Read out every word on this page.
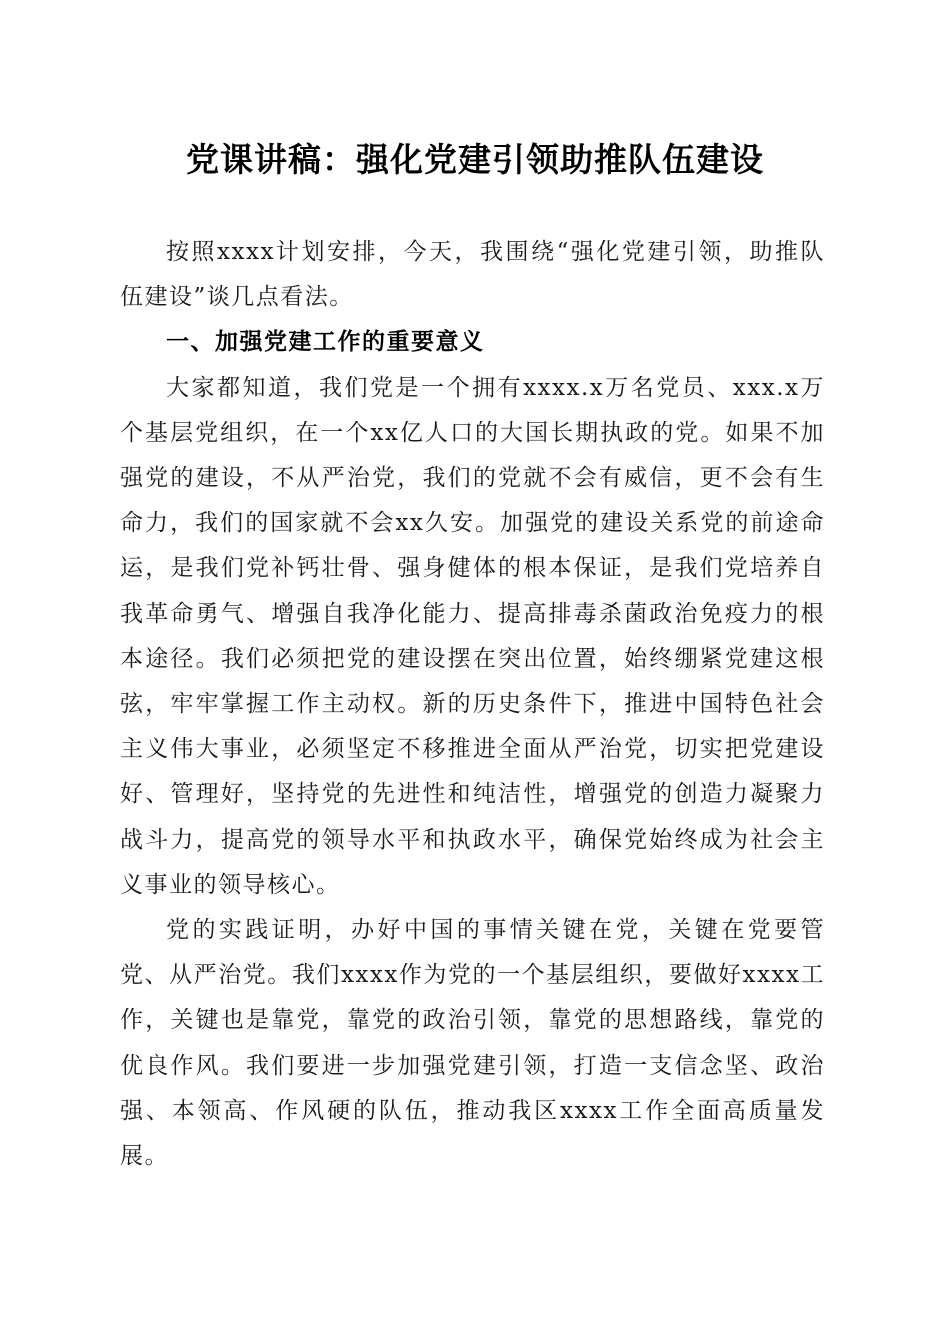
党课讲稿：强化党建引领助推队伍建设

按照xxxx计划安排，今天，我围绕“强化党建引领，助推队伍建设”谈几点看法。

一、加强党建工作的重要意义

大家都知道，我们党是一个拥有xxxx.x万名党员、xxx.x万个基层党组织，在一个xx亿人口的大国长期执政的党。如果不加强党的建设，不从严治党，我们的党就不会有威信，更不会有生命力，我们的国家就不会xx久安。加强党的建设关系党的前途命运，是我们党补钙壮骨、强身健体的根本保证，是我们党培养自我革命勇气、增强自我净化能力、提高排毒杀菌政治免疫力的根本途径。我们必须把党的建设摆在突出位置，始终绷紧党建这根弦，牢牢掌握工作主动权。新的历史条件下，推进中国特色社会主义伟大事业，必须坚定不移推进全面从严治党，切实把党建设好、管理好，坚持党的先进性和纯洁性，增强党的创造力凝聚力战斗力，提高党的领导水平和执政水平，确保党始终成为社会主义事业的领导核心。

党的实践证明，办好中国的事情关键在党，关键在党要管党、从严治党。我们xxxx作为党的一个基层组织，要做好xxxx工作，关键也是靠党，靠党的政治引领，靠党的思想路线，靠党的优良作风。我们要进一步加强党建引领，打造一支信念坚、政治强、本领高、作风硬的队伍，推动我区xxxx工作全面高质量发展。
